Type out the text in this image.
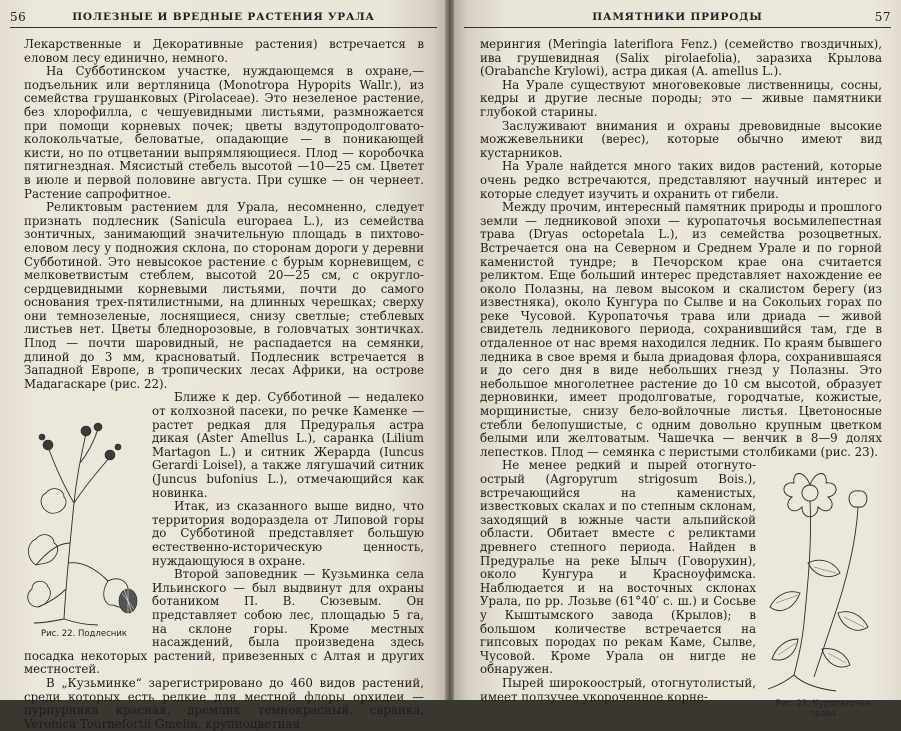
56	ПОЛЕЗНЫЕ И ВРЕДНЫЕ РАСТЕНИЯ УРАЛА

Лекарственные и Декоративные растения) встречается в еловом лесу единично, немного.

На Субботинском участке, нуждающемся в охране,— подъельник или вертляница (Monotropa Hypopits Wallr.), из семейства грушанковых (Pirolaceae). Это незеленое растение, без хлорофилла, с чешуевидными листьями, размножается при помощи корневых почек; цветы вздутопродолговато-колокольчатые, беловатые, опадающие — в поникающей кисти, но по отцветании выпрямляющиеся. Плод — коробочка пятигнездная. Мясистый стебель высотой —10—25 см. Цветет в июле и первой половине августа. При сушке — он чернеет. Растение сапрофитное.

Реликтовым растением для Урала, несомненно, следует признать подлесник (Sanicula europaea L.), из семейства зонтичных, занимающий значительную площадь в пихтово-еловом лесу у подножия склона, по сторонам дороги у деревни Субботиной. Это невысокое растение с бурым корневищем, с мелковетвистым стеблем, высотой 20—25 см, с округло-сердцевидными корневыми листьями, почти до самого основания трех-пятилистными, на длинных черешках; сверху они темнозеленые, лоснящиеся, снизу светлые; стеблевых листьев нет. Цветы бледнорозовые, в головчатых зонтичках. Плод — почти шаровидный, не распадается на семянки, длиной до 3 мм, красноватый. Подлесник встречается в Западной Европе, в тропических лесах Африки, на острове Мадагаскаре (рис. 22).

Рис. 22. Подлесник

Ближе к дер. Субботиной — недалеко от колхозной пасеки, по речке Каменке — растет редкая для Предуралья астра дикая (Aster Amellus L.), саранка (Lilium Martagon L.) и ситник Жерарда (Iuncus Gerardi Loisel), а также лягушачий ситник (Juncus bufonius L.), отмечающийся как новинка.

Итак, из сказанного выше видно, что территория водораздела от Липовой горы до Субботиной представляет большую естественно-историческую ценность, нуждающуюся в охране.

Второй заповедник — Кузьминка села Ильинского — был выдвинут для охраны ботаником П. В. Сюзевым. Он представляет собою лес, площадью 5 га, на склоне горы. Кроме местных насаждений, была произведена здесь посадка некоторых растений, привезенных с Алтая и других местностей.

В „Кузьминке“ зарегистрировано до 460 видов растений, среди которых есть редкие для местной флоры орхидеи — пурпурника красная, дремлик темнокрасный, саранка, Veronica Tournefortii Gmelin, крупноцветная

ПАМЯТНИКИ ПРИРОДЫ	57

мерингия (Meringia lateriflora Fenz.) (семейство гвоздичных), ива грушевидная (Salix pirolaefolia), заразиха Крылова (Orabanche Krylowi), астра дикая (A. amellus L.).

На Урале существуют многовековые лиственницы, сосны, кедры и другие лесные породы; это — живые памятники глубокой старины.

Заслуживают внимания и охраны древовидные высокие можжевельники (верес), которые обычно имеют вид кустарников.

На Урале найдется много таких видов растений, которые очень редко встречаются, представляют научный интерес и которые следует изучить и охранить от гибели.

Между прочим, интересный памятник природы и прошлого земли — ледниковой эпохи — куропаточья восьмилепестная трава (Dryas octopetala L.), из семейства розоцветных. Встречается она на Северном и Среднем Урале и по горной каменистой тундре; в Печорском крае она считается реликтом. Еще больший интерес представляет нахождение ее около Полазны, на левом высоком и скалистом берегу (из известняка), около Кунгура по Сылве и на Сокольих горах по реке Чусовой. Куропаточья трава или дриада — живой свидетель ледникового периода, сохранившийся там, где в отдаленное от нас время находился ледник. По краям бывшего ледника в свое время и была дриадовая флора, сохранившаяся и до сего дня в виде небольших гнезд у Полазны. Это небольшое многолетнее растение до 10 см высотой, образует дерновинки, имеет продолговатые, городчатые, кожистые, морщинистые, снизу бело-войлочные листья. Цветоносные стебли белопушистые, с одним довольно крупным цветком белыми или желтоватым. Чашечка — венчик в 8—9 долях лепестков. Плод — семянка с перистыми столбиками (рис. 23).

Рис. 23. Куропаточья трава

Не менее редкий и пырей отогнуто-острый (Agropyrum strigosum Bois.), встречающийся на каменистых, известковых скалах и по степным склонам, заходящий в южные части альпийской области. Обитает вместе с реликтами древнего степного периода. Найден в Предуралье на реке Ылыч (Говорухин), около Кунгура и Красноуфимска. Наблюдается и на восточных склонах Урала, по рр. Лозьве (61°40′ с. ш.) и Сосьве у Кыштымского завода (Крылов); в большом количестве встречается на гипсовых породах по рекам Каме, Сылве, Чусовой. Кроме Урала он нигде не обнаружен.

Пырей широкоострый, отогнутолистый, имеет ползучее укороченное корне-
